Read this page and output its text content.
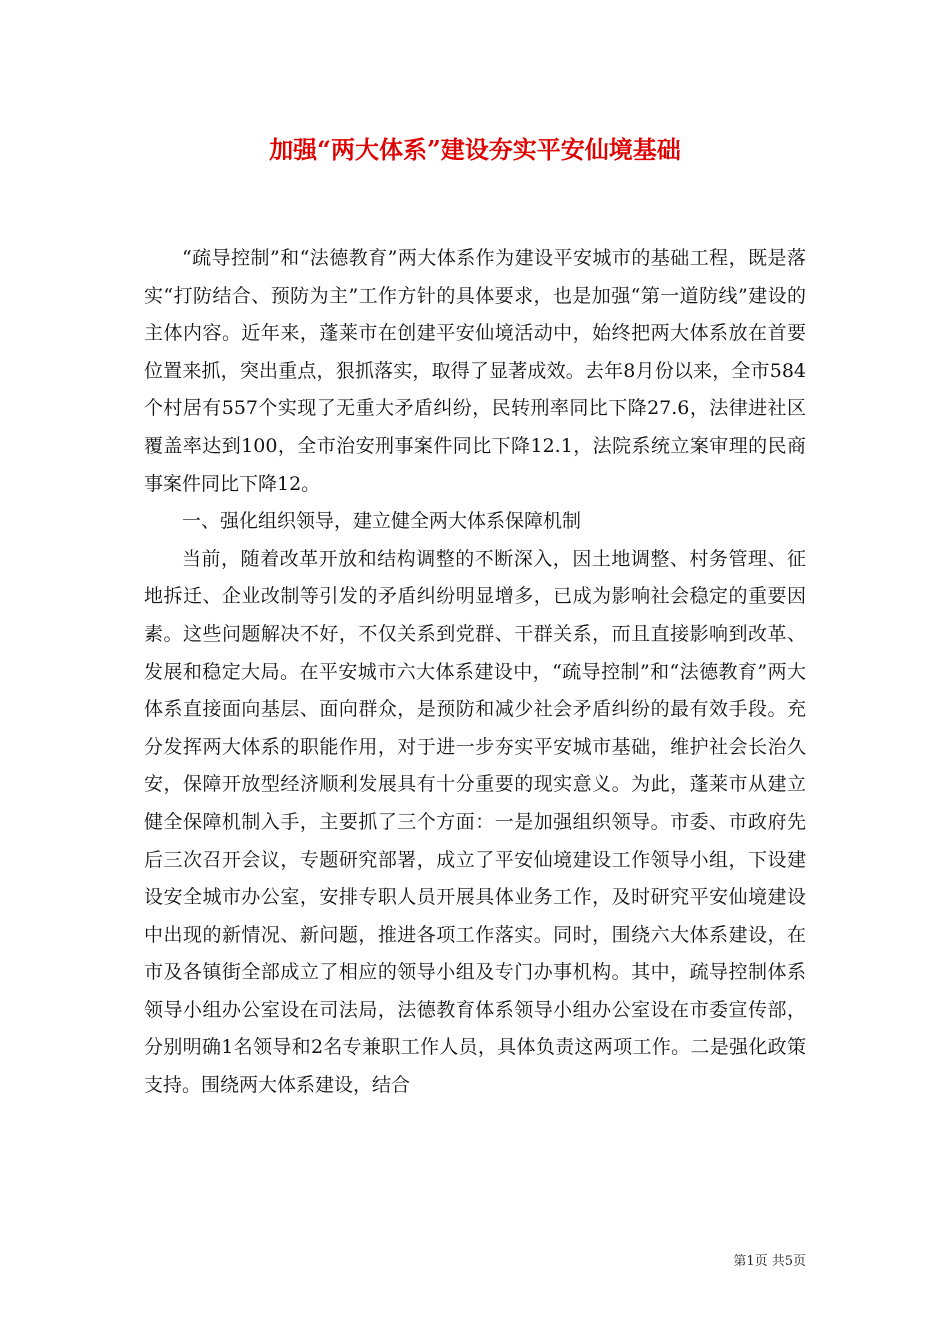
加强“两大体系”建设夯实平安仙境基础

“疏导控制”和“法德教育”两大体系作为建设平安城市的基础工程，既是落实“打防结合、预防为主”工作方针的具体要求，也是加强“第一道防线”建设的主体内容。近年来，蓬莱市在创建平安仙境活动中，始终把两大体系放在首要位置来抓，突出重点，狠抓落实，取得了显著成效。去年8月份以来，全市584个村居有557个实现了无重大矛盾纠纷，民转刑率同比下降27.6，法律进社区覆盖率达到100，全市治安刑事案件同比下降12.1，法院系统立案审理的民商事案件同比下降12。

一、强化组织领导，建立健全两大体系保障机制

当前，随着改革开放和结构调整的不断深入，因土地调整、村务管理、征地拆迁、企业改制等引发的矛盾纠纷明显增多，已成为影响社会稳定的重要因素。这些问题解决不好，不仅关系到党群、干群关系，而且直接影响到改革、发展和稳定大局。在平安城市六大体系建设中，“疏导控制”和“法德教育”两大体系直接面向基层、面向群众，是预防和减少社会矛盾纠纷的最有效手段。充分发挥两大体系的职能作用，对于进一步夯实平安城市基础，维护社会长治久安，保障开放型经济顺利发展具有十分重要的现实意义。为此，蓬莱市从建立健全保障机制入手，主要抓了三个方面：一是加强组织领导。市委、市政府先后三次召开会议，专题研究部署，成立了平安仙境建设工作领导小组，下设建设安全城市办公室，安排专职人员开展具体业务工作，及时研究平安仙境建设中出现的新情况、新问题，推进各项工作落实。同时，围绕六大体系建设，在市及各镇街全部成立了相应的领导小组及专门办事机构。其中，疏导控制体系领导小组办公室设在司法局，法德教育体系领导小组办公室设在市委宣传部，分别明确1名领导和2名专兼职工作人员，具体负责这两项工作。二是强化政策支持。围绕两大体系建设，结合

第1页 共5页
